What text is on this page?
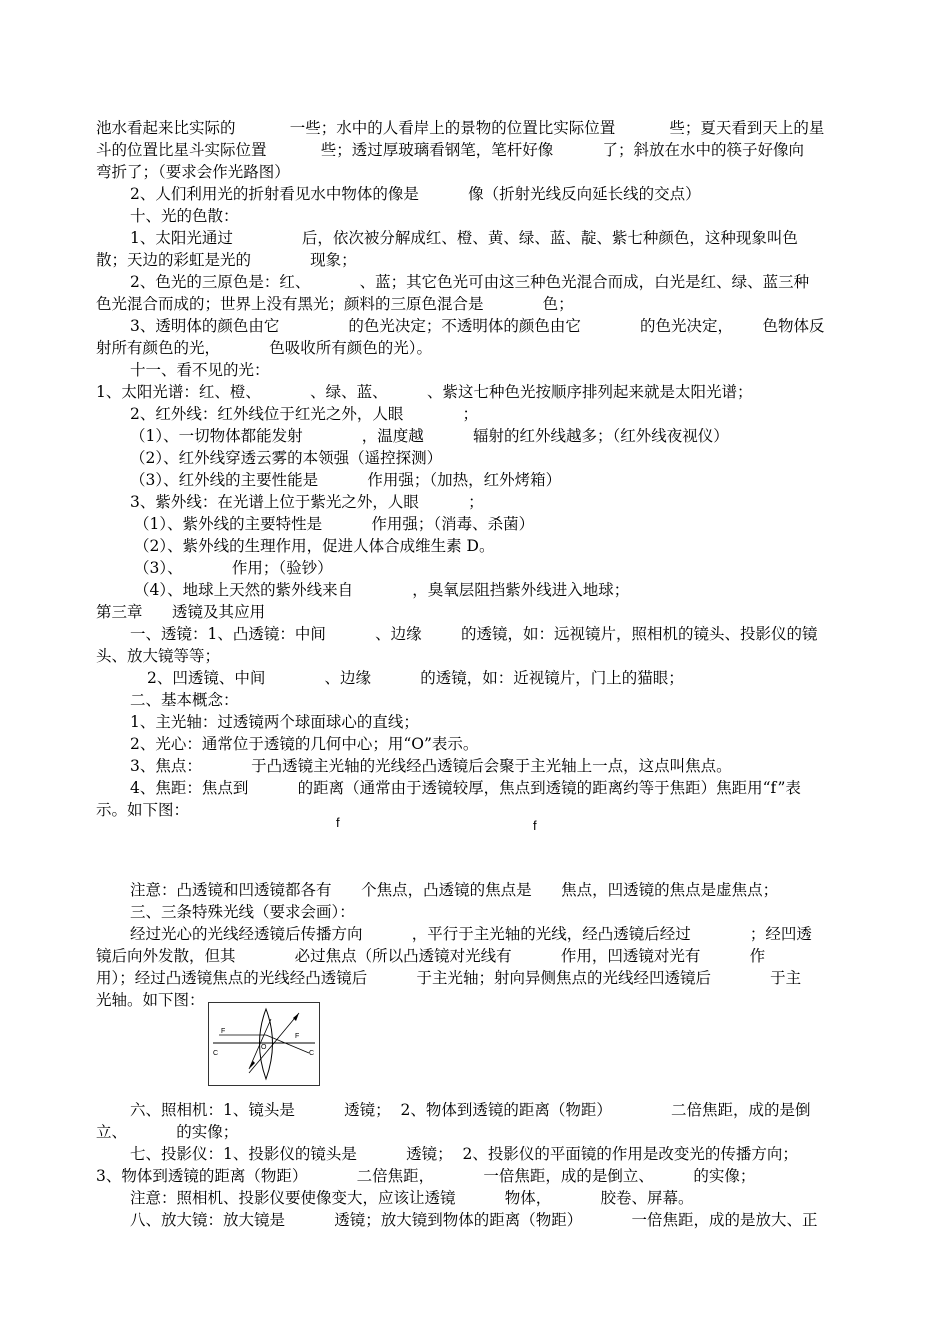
池水看起来比实际的           一些；水中的人看岸上的景物的位置比实际位置           些；夏天看到天上的星
斗的位置比星斗实际位置           些；透过厚玻璃看钢笔，笔杆好像          了；斜放在水中的筷子好像向
弯折了；（要求会作光路图）
2、人们利用光的折射看见水中物体的像是          像（折射光线反向延长线的交点）
十、光的色散：
1、太阳光通过              后，依次被分解成红、橙、黄、绿、蓝、靛、紫七种颜色，这种现象叫色
散；天边的彩虹是光的            现象；
2、色光的三原色是：红、          、蓝；其它色光可由这三种色光混合而成，白光是红、绿、蓝三种
色光混合而成的；世界上没有黑光；颜料的三原色混合是            色；
3、透明体的颜色由它              的色光决定；不透明体的颜色由它            的色光决定，      色物体反
射所有颜色的光，          色吸收所有颜色的光）。
十一、看不见的光：
1、太阳光谱：红、橙、          、绿、蓝、        、紫这七种色光按顺序排列起来就是太阳光谱；
2、红外线：红外线位于红光之外，人眼            ；
（1）、一切物体都能发射            ，温度越          辐射的红外线越多；（红外线夜视仪）
（2）、红外线穿透云雾的本领强（遥控探测）
（3）、红外线的主要性能是          作用强；（加热，红外烤箱）
3、紫外线：在光谱上位于紫光之外，人眼          ；
（1）、紫外线的主要特性是          作用强；（消毒、杀菌）
（2）、紫外线的生理作用，促进人体合成维生素 D。
（3）、          作用；（验钞）
（4）、地球上天然的紫外线来自            ，臭氧层阻挡紫外线进入地球；
第三章      透镜及其应用
一、透镜：1、凸透镜：中间          、边缘        的透镜，如：远视镜片，照相机的镜头、投影仪的镜
头、放大镜等等；
2、凹透镜、中间            、边缘          的透镜，如：近视镜片，门上的猫眼；
二、基本概念：
1、主光轴：过透镜两个球面球心的直线；
2、光心：通常位于透镜的几何中心；用“O”表示。
3、焦点：          于凸透镜主光轴的光线经凸透镜后会聚于主光轴上一点，这点叫焦点。
4、焦距：焦点到          的距离（通常由于透镜较厚，焦点到透镜的距离约等于焦距）焦距用“f”表
示。如下图：
注意：凸透镜和凹透镜都各有      个焦点，凸透镜的焦点是      焦点，凹透镜的焦点是虚焦点；
三、三条特殊光线（要求会画）：
经过光心的光线经透镜后传播方向          ，平行于主光轴的光线，经凸透镜后经过            ；经凹透
镜后向外发散，但其            必过焦点（所以凸透镜对光线有          作用，凹透镜对光有          作
用）；经过凸透镜焦点的光线经凸透镜后          于主光轴；射向异侧焦点的光线经凹透镜后            于主
光轴。如下图：
六、照相机：1、镜头是          透镜；  2、物体到透镜的距离（物距）            二倍焦距，成的是倒
立、          的实像；
七、投影仪：1、投影仪的镜头是          透镜；  2、投影仪的平面镜的作用是改变光的传播方向；
3、物体到透镜的距离（物距）          二倍焦距，          一倍焦距，成的是倒立、        的实像；
注意：照相机、投影仪要使像变大，应该让透镜          物体，          胶卷、屏幕。
八、放大镜：放大镜是          透镜；放大镜到物体的距离（物距）          一倍焦距，成的是放大、正
f	f
F
F
O
C	C
